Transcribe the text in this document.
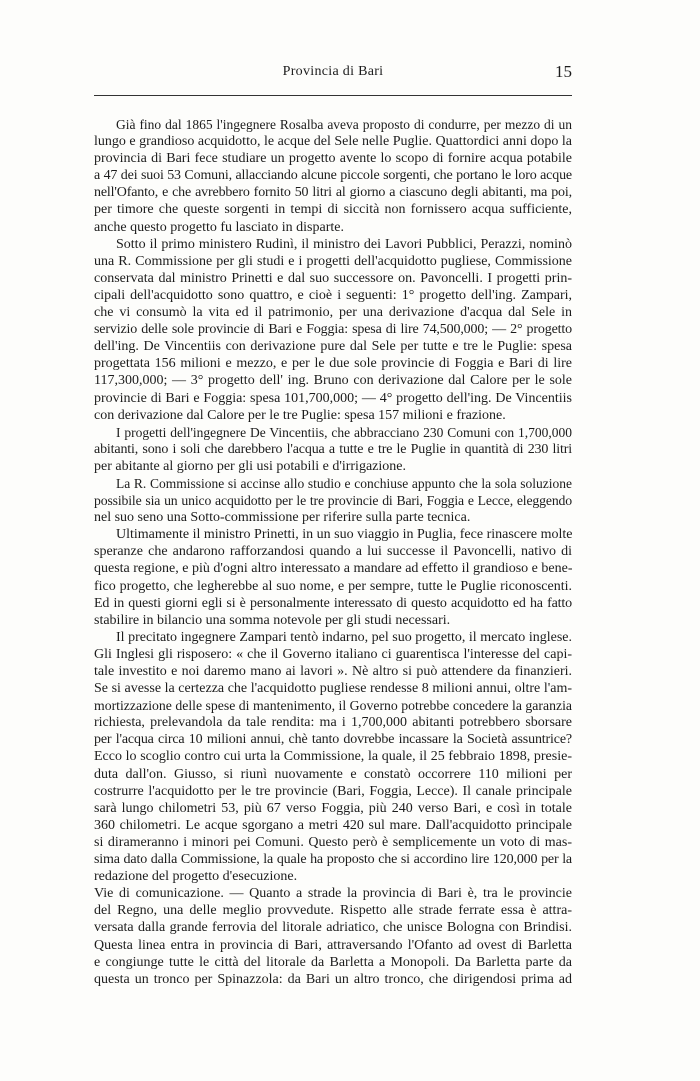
Provincia di Bari	15
Già fino dal 1865 l'ingegnere Rosalba aveva proposto di condurre, per mezzo di un
lungo e grandioso acquidotto, le acque del Sele nelle Puglie. Quattordici anni dopo la
provincia di Bari fece studiare un progetto avente lo scopo di fornire acqua potabile
a 47 dei suoi 53 Comuni, allacciando alcune piccole sorgenti, che portano le loro acque
nell'Ofanto, e che avrebbero fornito 50 litri al giorno a ciascuno degli abitanti, ma poi,
per timore che queste sorgenti in tempi di siccità non fornissero acqua sufficiente,
anche questo progetto fu lasciato in disparte.
Sotto il primo ministero Rudinì, il ministro dei Lavori Pubblici, Perazzi, nominò
una R. Commissione per gli studi e i progetti dell'acquidotto pugliese, Commissione
conservata dal ministro Prinetti e dal suo successore on. Pavoncelli. I progetti prin-
cipali dell'acquidotto sono quattro, e cioè i seguenti: 1° progetto dell'ing. Zampari,
che vi consumò la vita ed il patrimonio, per una derivazione d'acqua dal Sele in
servizio delle sole provincie di Bari e Foggia: spesa di lire 74,500,000; — 2° progetto
dell'ing. De Vincentiis con derivazione pure dal Sele per tutte e tre le Puglie: spesa
progettata 156 milioni e mezzo, e per le due sole provincie di Foggia e Bari di lire
117,300,000; — 3° progetto dell' ing. Bruno con derivazione dal Calore per le sole
provincie di Bari e Foggia: spesa 101,700,000; — 4° progetto dell'ing. De Vincentiis
con derivazione dal Calore per le tre Puglie: spesa 157 milioni e frazione.
I progetti dell'ingegnere De Vincentiis, che abbracciano 230 Comuni con 1,700,000
abitanti, sono i soli che darebbero l'acqua a tutte e tre le Puglie in quantità di 230 litri
per abitante al giorno per gli usi potabili e d'irrigazione.
La R. Commissione si accinse allo studio e conchiuse appunto che la sola soluzione
possibile sia un unico acquidotto per le tre provincie di Bari, Foggia e Lecce, eleggendo
nel suo seno una Sotto-commissione per riferire sulla parte tecnica.
Ultimamente il ministro Prinetti, in un suo viaggio in Puglia, fece rinascere molte
speranze che andarono rafforzandosi quando a lui successe il Pavoncelli, nativo di
questa regione, e più d'ogni altro interessato a mandare ad effetto il grandioso e bene-
fico progetto, che legherebbe al suo nome, e per sempre, tutte le Puglie riconoscenti.
Ed in questi giorni egli si è personalmente interessato di questo acquidotto ed ha fatto
stabilire in bilancio una somma notevole per gli studi necessari.
Il precitato ingegnere Zampari tentò indarno, pel suo progetto, il mercato inglese.
Gli Inglesi gli risposero: « che il Governo italiano ci guarentisca l'interesse del capi-
tale investito e noi daremo mano ai lavori ». Nè altro si può attendere da finanzieri.
Se si avesse la certezza che l'acquidotto pugliese rendesse 8 milioni annui, oltre l'am-
mortizzazione delle spese di mantenimento, il Governo potrebbe concedere la garanzia
richiesta, prelevandola da tale rendita: ma i 1,700,000 abitanti potrebbero sborsare
per l'acqua circa 10 milioni annui, chè tanto dovrebbe incassare la Società assuntrice?
Ecco lo scoglio contro cui urta la Commissione, la quale, il 25 febbraio 1898, presie-
duta dall'on. Giusso, si riunì nuovamente e constatò occorrere 110 milioni per
costrurre l'acquidotto per le tre provincie (Bari, Foggia, Lecce). Il canale principale
sarà lungo chilometri 53, più 67 verso Foggia, più 240 verso Bari, e così in totale
360 chilometri. Le acque sgorgano a metri 420 sul mare. Dall'acquidotto principale
si dirameranno i minori pei Comuni. Questo però è semplicemente un voto di mas-
sima dato dalla Commissione, la quale ha proposto che si accordino lire 120,000 per la
redazione del progetto d'esecuzione.
Vie di comunicazione. — Quanto a strade la provincia di Bari è, tra le provincie
del Regno, una delle meglio provvedute. Rispetto alle strade ferrate essa è attra-
versata dalla grande ferrovia del litorale adriatico, che unisce Bologna con Brindisi.
Questa linea entra in provincia di Bari, attraversando l'Ofanto ad ovest di Barletta
e congiunge tutte le città del litorale da Barletta a Monopoli. Da Barletta parte da
questa un tronco per Spinazzola: da Bari un altro tronco, che dirigendosi prima ad
